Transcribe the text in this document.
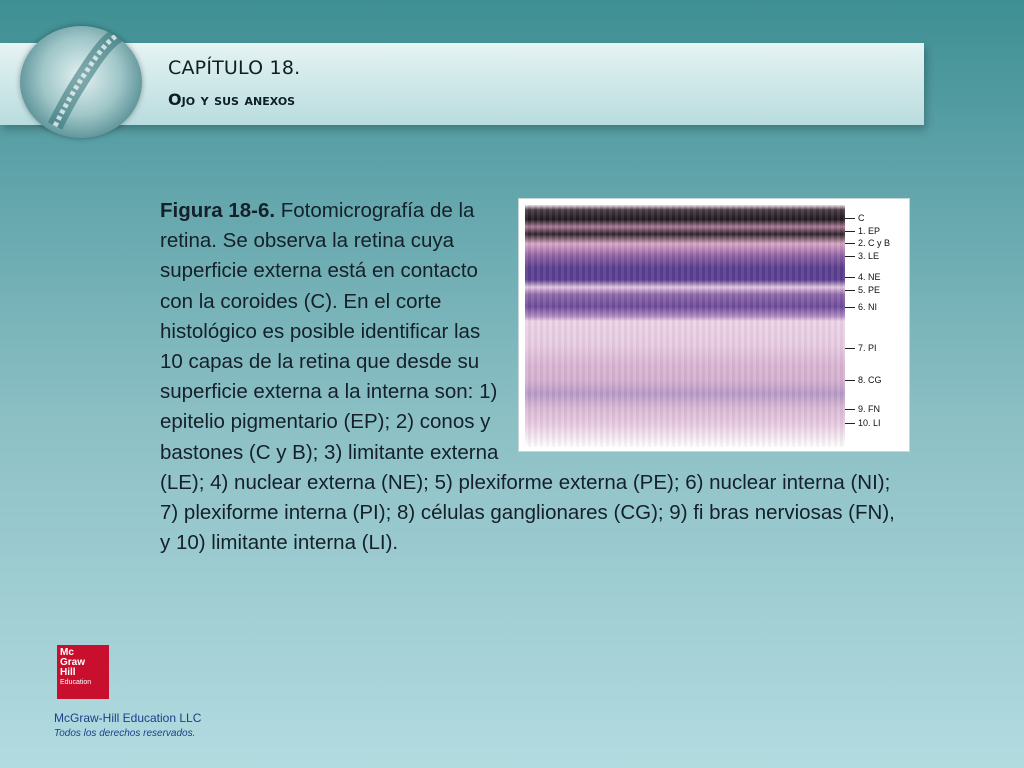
CAPÍTULO 18.
Ojo y sus anexos
C
1. EP
2. C y B
3. LE
4. NE
5. PE
6. NI
7. PI
8. CG
9. FN
10. LI
Figura 18-6. Fotomicrografía de la retina. Se observa la retina cuya superficie externa está en contacto con la coroides (C). En el corte histológico es posible identificar las 10 capas de la retina que desde su superficie externa a la interna son: 1) epitelio pigmentario (EP); 2) conos y bastones (C y B); 3) limitante externa (LE); 4) nuclear externa (NE); 5) plexiforme externa (PE); 6) nuclear interna (NI); 7) plexiforme interna (PI); 8) células ganglionares (CG); 9) fi bras nerviosas (FN), y 10) limitante interna (LI).
Mc
Graw
Hill
Education

McGraw-Hill Education LLC

Todos los derechos reservados.
